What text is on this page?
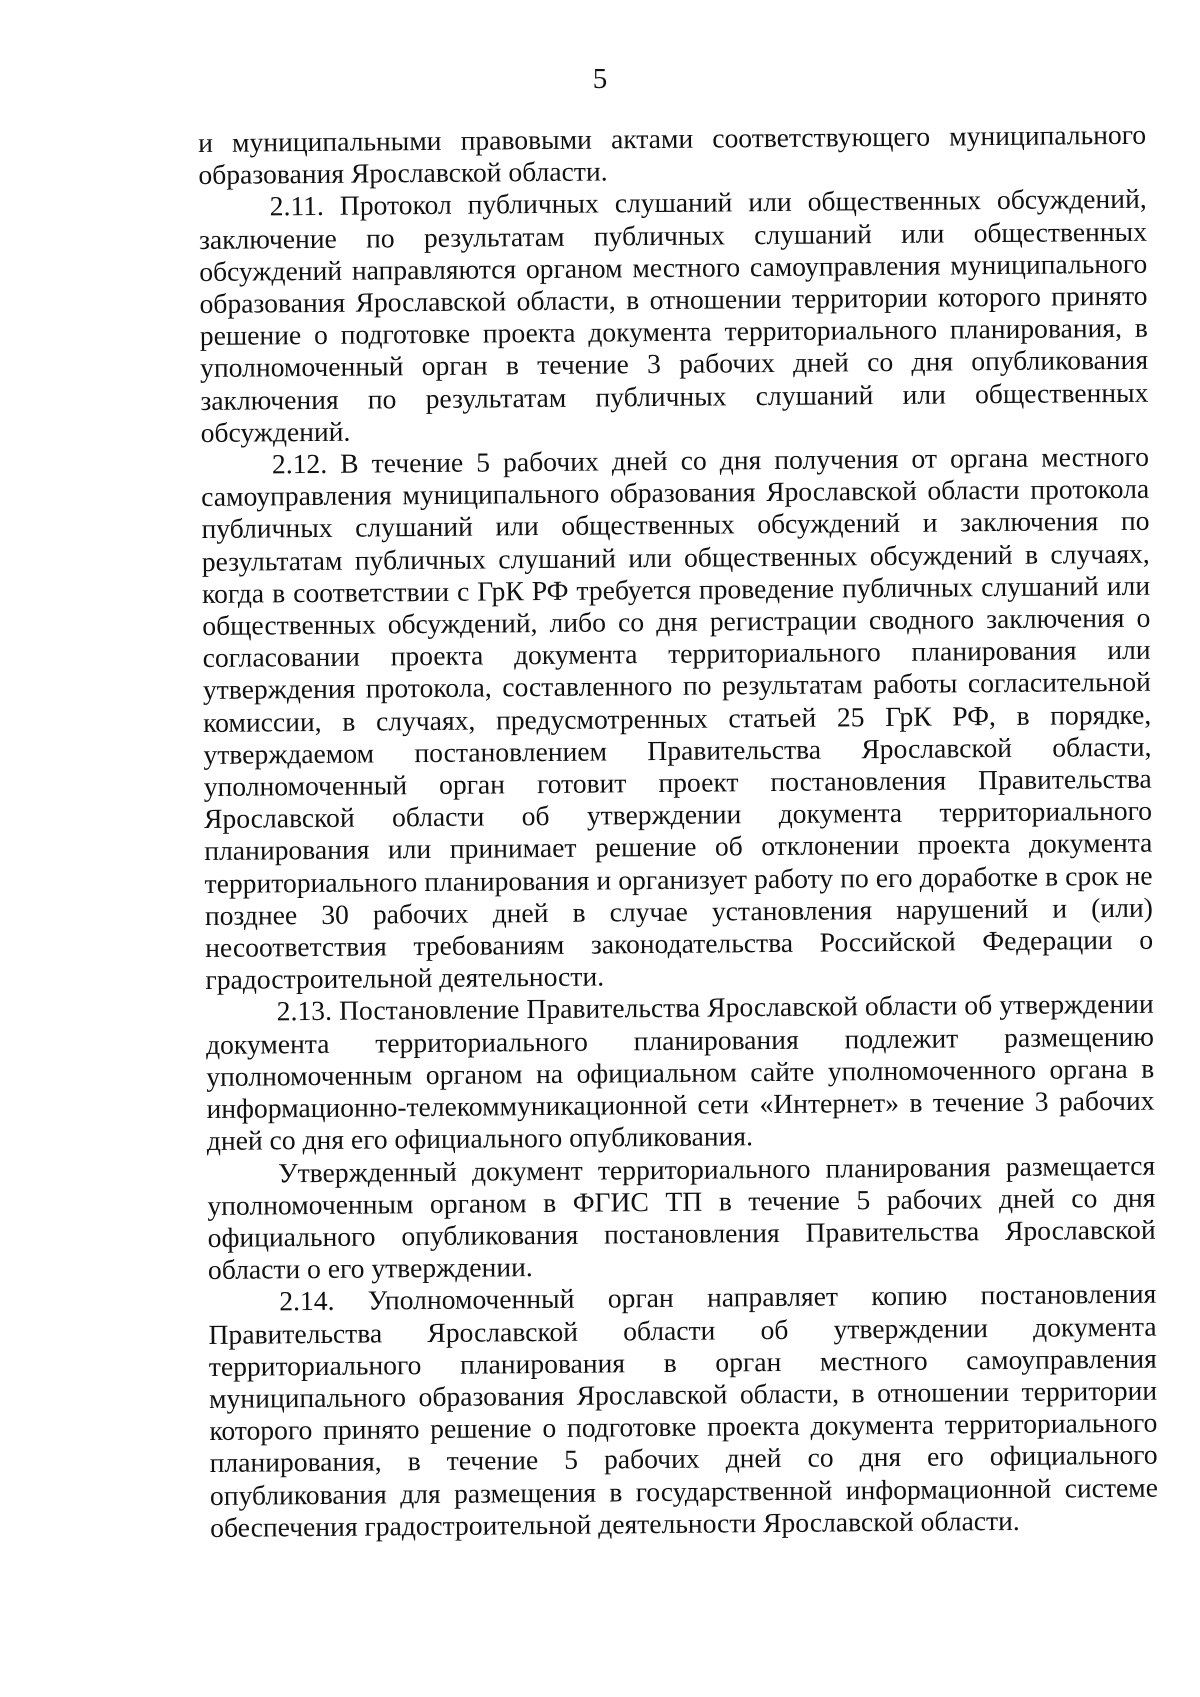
5

и муниципальными правовыми актами соответствующего муниципального образования Ярославской области.

2.11. Протокол публичных слушаний или общественных обсуждений, заключение по результатам публичных слушаний или общественных обсуждений направляются органом местного самоуправления муниципального образования Ярославской области, в отношении территории которого принято решение о подготовке проекта документа территориального планирования, в уполномоченный орган в течение 3 рабочих дней со дня опубликования заключения по результатам публичных слушаний или общественных обсуждений.

2.12. В течение 5 рабочих дней со дня получения от органа местного самоуправления муниципального образования Ярославской области протокола публичных слушаний или общественных обсуждений и заключения по результатам публичных слушаний или общественных обсуждений в случаях, когда в соответствии с ГрК РФ требуется проведение публичных слушаний или общественных обсуждений, либо со дня регистрации сводного заключения о согласовании проекта документа территориального планирования или утверждения протокола, составленного по результатам работы согласительной комиссии, в случаях, предусмотренных статьей 25 ГрК РФ, в порядке, утверждаемом постановлением Правительства Ярославской области, уполномоченный орган готовит проект постановления Правительства Ярославской области об утверждении документа территориального планирования или принимает решение об отклонении проекта документа территориального планирования и организует работу по его доработке в срок не позднее 30 рабочих дней в случае установления нарушений и (или) несоответствия требованиям законодательства Российской Федерации о градостроительной деятельности.

2.13. Постановление Правительства Ярославской области об утверждении документа территориального планирования подлежит размещению уполномоченным органом на официальном сайте уполномоченного органа в информационно-телекоммуникационной сети «Интернет» в течение 3 рабочих дней со дня его официального опубликования.

Утвержденный документ территориального планирования размещается уполномоченным органом в ФГИС ТП в течение 5 рабочих дней со дня официального опубликования постановления Правительства Ярославской области о его утверждении.

2.14. Уполномоченный орган направляет копию постановления Правительства Ярославской области об утверждении документа территориального планирования в орган местного самоуправления муниципального образования Ярославской области, в отношении территории которого принято решение о подготовке проекта документа территориального планирования, в течение 5 рабочих дней со дня его официального опубликования для размещения в государственной информационной системе обеспечения градостроительной деятельности Ярославской области.
